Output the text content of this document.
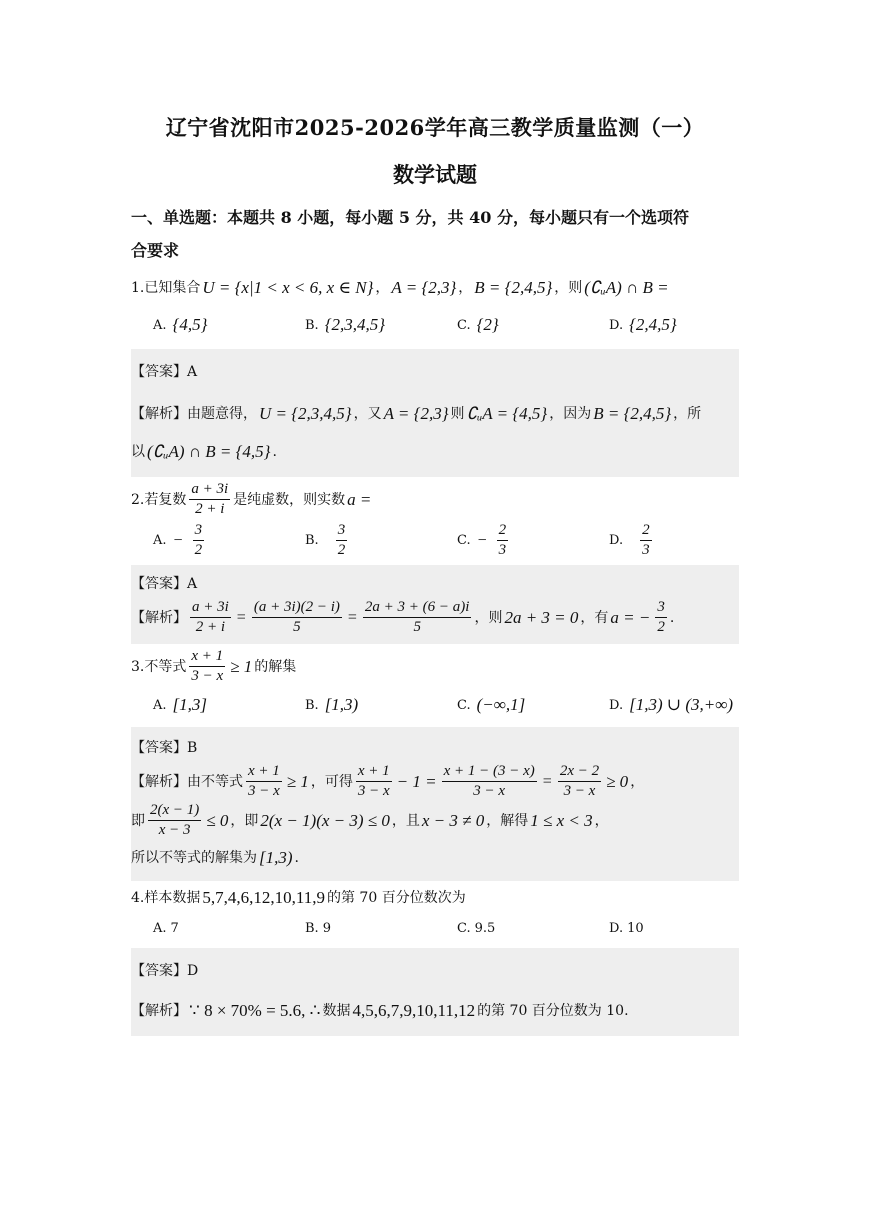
辽宁省沈阳市2025-2026学年高三教学质量监测（一）
数学试题
一、单选题：本题共 8 小题，每小题 5 分，共 40 分，每小题只有一个选项符
合要求
1.已知集合 U = {x|1 < x < 6, x ∈ N} ， A = {2,3} ， B = {2,4,5} ，则 (∁ᵤA) ∩ B =
A. {4,5}	B. {2,3,4,5}	C. {2}	D. {2,4,5}
【答案】 A
【解析】 由题意得， U = {2,3,4,5} ，又 A = {2,3} 则 ∁ᵤA = {4,5} ，因为 B = {2,4,5} ，所
以 (∁ᵤA) ∩ B = {4,5} .
2.若复数 $\frac{a + 3i}{2 + i}$ 是纯虚数，则实数 a =
A. − $\frac{3}{2}$	B. $\frac{3}{2}$	C. − $\frac{2}{3}$	D. $\frac{2}{3}$
【答案】 A
【解析】 $\frac{a + 3i}{2 + i} = \frac{(a + 3i)(2 - i)}{5} = \frac{2a + 3 + (6 - a)i}{5}$ ，则 2a + 3 = 0 ，有 a = − $\frac{3}{2}$ .
3.不等式 $\frac{x + 1}{3 - x} \ge 1$ 的解集
A. [1,3]	B. [1,3)	C. (−∞,1]	D. [1,3) ∪ (3,+∞)
【答案】 B
【解析】 由不等式 $\frac{x + 1}{3 - x} \ge 1$ ，可得 $\frac{x + 1}{3 - x} - 1 = \frac{x + 1 - (3 - x)}{3 - x} = \frac{2x - 2}{3 - x} \ge 0$ ，
即 $\frac{2(x - 1)}{x - 3} \le 0$ ，即 2(x − 1)(x − 3) ≤ 0 ，且 x − 3 ≠ 0 ，解得 1 ≤ x < 3 ，
所以不等式的解集为 [1,3) .
4.样本数据 5,7,4,6,12,10,11,9 的第 70 百分位数次为
A. 7	B. 9	C. 9.5	D. 10
【答案】 D
【解析】 ∵ 8 × 70% = 5.6, ∴ 数据 4,5,6,7,9,10,11,12 的第 70 百分位数为 10.
